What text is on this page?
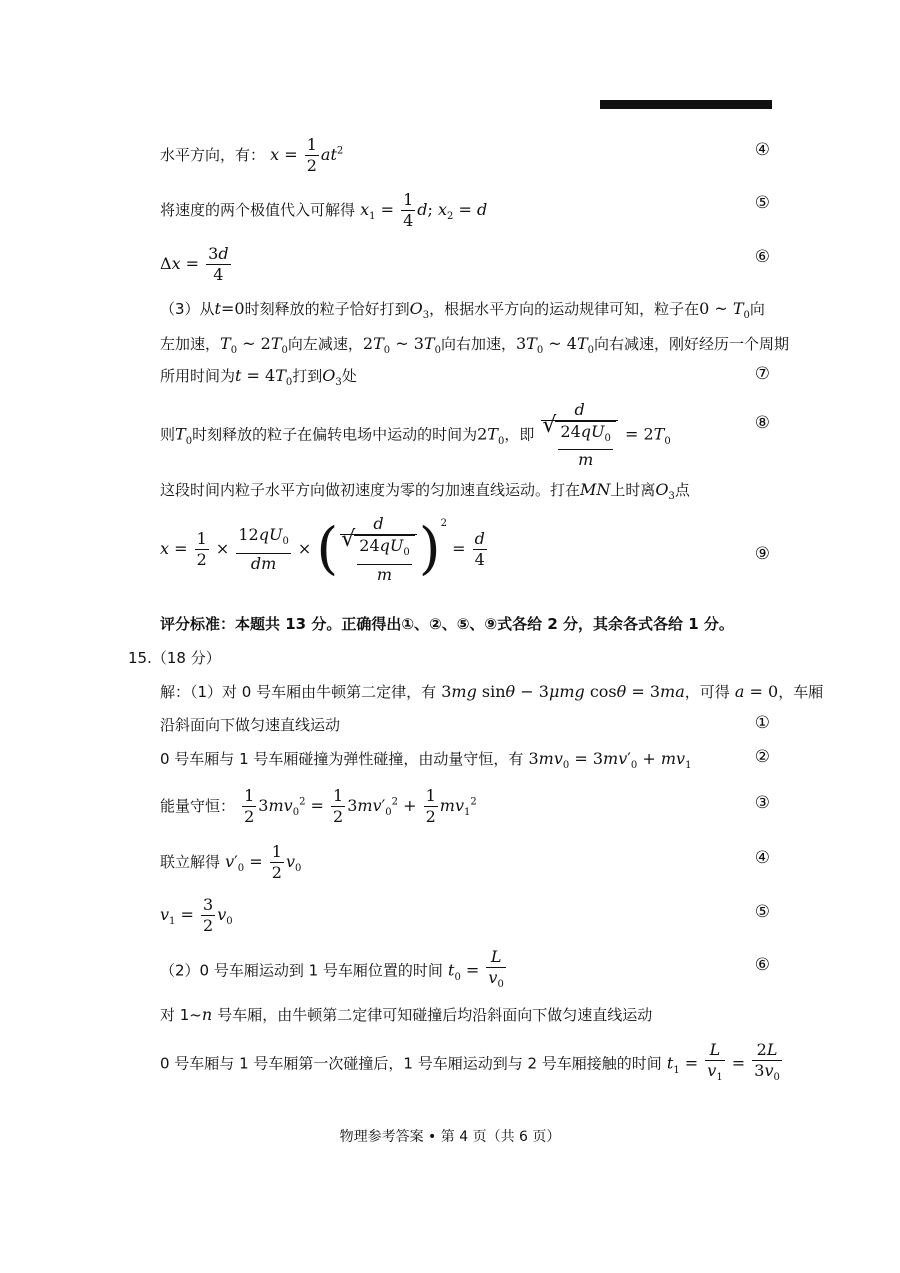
水平方向，有： $x = \frac{1}{2} at^2$	④
将速度的两个极值代入可解得 $x_1 = \frac{1}{4} d$; $x_2 = d$	⑤
$\Delta x = \frac{3d}{4}$	⑥
（3）从t=0时刻释放的粒子恰好打到$O_3$，根据水平方向的运动规律可知，粒子在0 ~ $T_0$向
左加速，$T_0$ ~ $2T_0$向左减速，$2T_0$ ~ $3T_0$向右加速，$3T_0$ ~ $4T_0$向右减速，刚好经历一个周期
所用时间为$t = 4T_0$打到$O_3$处	⑦
则$T_0$时刻释放的粒子在偏转电场中运动的时间为$2T_0$，即 d
√ $\frac{24qU_0}{m} = 2T_0$
⑧
这段时间内粒子水平方向做初速度为零的匀加速直线运动。打在MN上时离$O_3$点
$x = \frac{1}{2} \times \frac{12qU_0}{dm}$ × ( d
√ $\frac{24qU_0}{m} )^2 = \frac{d}{4}$	⑨
评分标准：本题共 13 分。正确得出①、②、⑤、⑨式各给 2 分，其余各式各给 1 分。
15.（18 分）
解：（1）对 0 号车厢由牛顿第二定律，有 3mg sinθ − 3μmg cosθ = 3ma，可得 a = 0，车厢
沿斜面向下做匀速直线运动	①
0 号车厢与 1 号车厢碰撞为弹性碰撞，由动量守恒，有 $3mv_0 = 3mv'_0 + mv_1$	②
能量守恒： $\frac{1}{2} 3mv_0^2 = \frac{1}{2} 3mv'_0^2 + \frac{1}{2} mv_1^2$	③
联立解得 $v'_0 = \frac{1}{2} v_0$
④
$v_1 = \frac{3}{2} v_0$	⑤
（2）0 号车厢运动到 1 号车厢位置的时间 $t_0 = \frac{L}{v_0}$	⑥
对 1~n 号车厢，由牛顿第二定律可知碰撞后均沿斜面向下做匀速直线运动
0 号车厢与 1 号车厢第一次碰撞后，1 号车厢运动到与 2 号车厢接触的时间 $t_1 = \frac{L}{v_1} = \frac{2L}{3v_0}$
物理参考答案 • 第 4 页（共 6 页）
